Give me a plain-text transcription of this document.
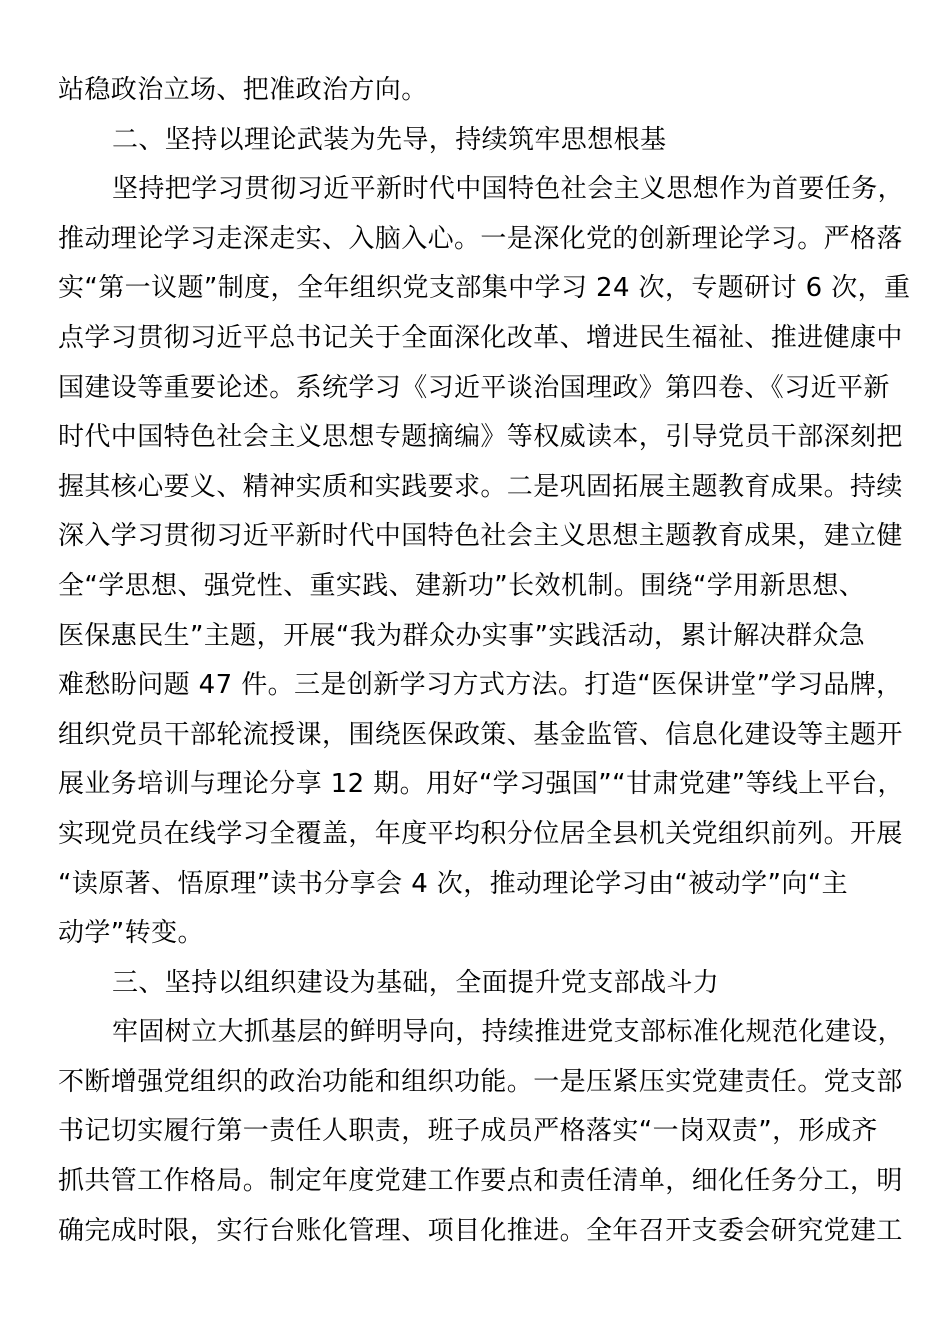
站稳政治立场、把准政治方向。
二、坚持以理论武装为先导，持续筑牢思想根基
坚持把学习贯彻习近平新时代中国特色社会主义思想作为首要任务，
推动理论学习走深走实、入脑入心。一是深化党的创新理论学习。严格落
实“第一议题”制度，全年组织党支部集中学习 24 次，专题研讨 6 次，重
点学习贯彻习近平总书记关于全面深化改革、增进民生福祉、推进健康中
国建设等重要论述。系统学习《习近平谈治国理政》第四卷、《习近平新
时代中国特色社会主义思想专题摘编》等权威读本，引导党员干部深刻把
握其核心要义、精神实质和实践要求。二是巩固拓展主题教育成果。持续
深入学习贯彻习近平新时代中国特色社会主义思想主题教育成果，建立健
全“学思想、强党性、重实践、建新功”长效机制。围绕“学用新思想、
医保惠民生”主题，开展“我为群众办实事”实践活动，累计解决群众急
难愁盼问题 47 件。三是创新学习方式方法。打造“医保讲堂”学习品牌，
组织党员干部轮流授课，围绕医保政策、基金监管、信息化建设等主题开
展业务培训与理论分享 12 期。用好“学习强国”“甘肃党建”等线上平台，
实现党员在线学习全覆盖，年度平均积分位居全县机关党组织前列。开展
“读原著、悟原理”读书分享会 4 次，推动理论学习由“被动学”向“主
动学”转变。
三、坚持以组织建设为基础，全面提升党支部战斗力
牢固树立大抓基层的鲜明导向，持续推进党支部标准化规范化建设，
不断增强党组织的政治功能和组织功能。一是压紧压实党建责任。党支部
书记切实履行第一责任人职责，班子成员严格落实“一岗双责”，形成齐
抓共管工作格局。制定年度党建工作要点和责任清单，细化任务分工，明
确完成时限，实行台账化管理、项目化推进。全年召开支委会研究党建工
